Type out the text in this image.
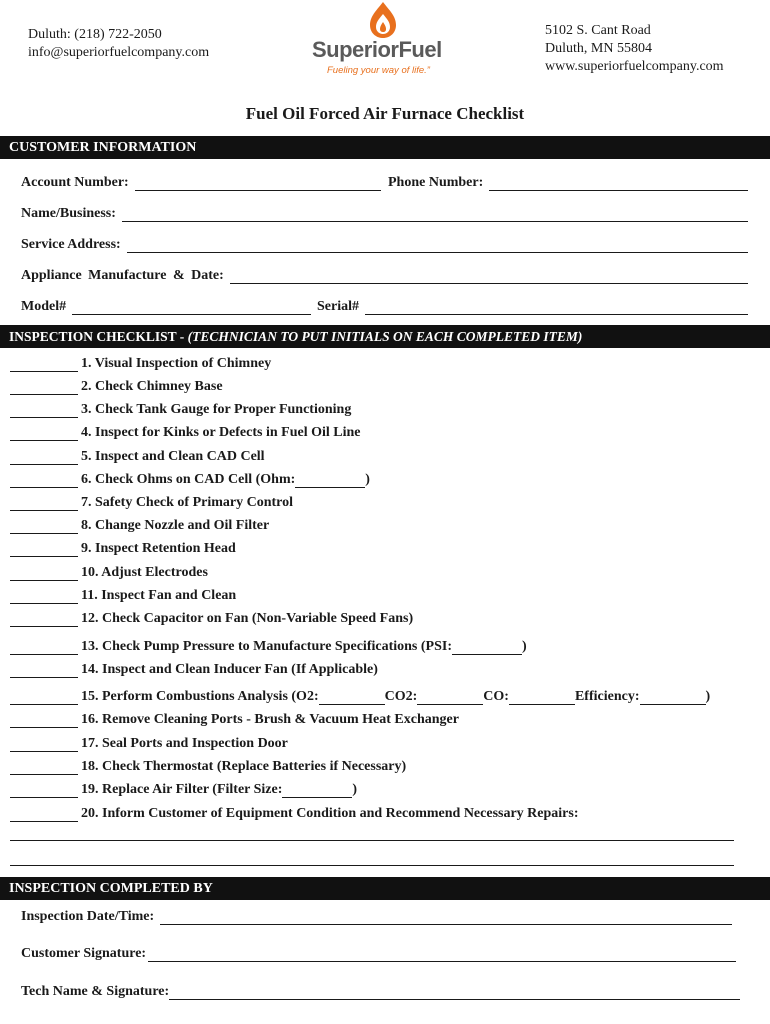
Duluth: (218) 722-2050
info@superiorfuelcompany.com	SuperiorFuel
Fueling your way of life.”
5102 S. Cant Road
Duluth, MN 55804
www.superiorfuelcompany.com
Fuel Oil Forced Air Furnace Checklist
CUSTOMER INFORMATION
Account Number:	Phone Number:
Name/Business:
Service Address:
Appliance Manufacture & Date:
Model#	Serial#
INSPECTION CHECKLIST - (TECHNICIAN TO PUT INITIALS ON EACH COMPLETED ITEM)
1. Visual Inspection of Chimney
2. Check Chimney Base
3. Check Tank Gauge for Proper Functioning
4. Inspect for Kinks or Defects in Fuel Oil Line
5. Inspect and Clean CAD Cell
6. Check Ohms on CAD Cell (Ohm:	)
7. Safety Check of Primary Control
8. Change Nozzle and Oil Filter
9. Inspect Retention Head
10. Adjust Electrodes
11. Inspect Fan and Clean
12. Check Capacitor on Fan (Non-Variable Speed Fans)
13. Check Pump Pressure to Manufacture Specifications (PSI:	)
14. Inspect and Clean Inducer Fan (If Applicable)
15. Perform Combustions Analysis (O2:	CO2:	CO:	Efficiency:	)
16. Remove Cleaning Ports - Brush & Vacuum Heat Exchanger
17. Seal Ports and Inspection Door
18. Check Thermostat (Replace Batteries if Necessary)
19. Replace Air Filter (Filter Size:	)
20. Inform Customer of Equipment Condition and Recommend Necessary Repairs:
INSPECTION COMPLETED BY
Inspection Date/Time:
Customer Signature:
Tech Name & Signature:
